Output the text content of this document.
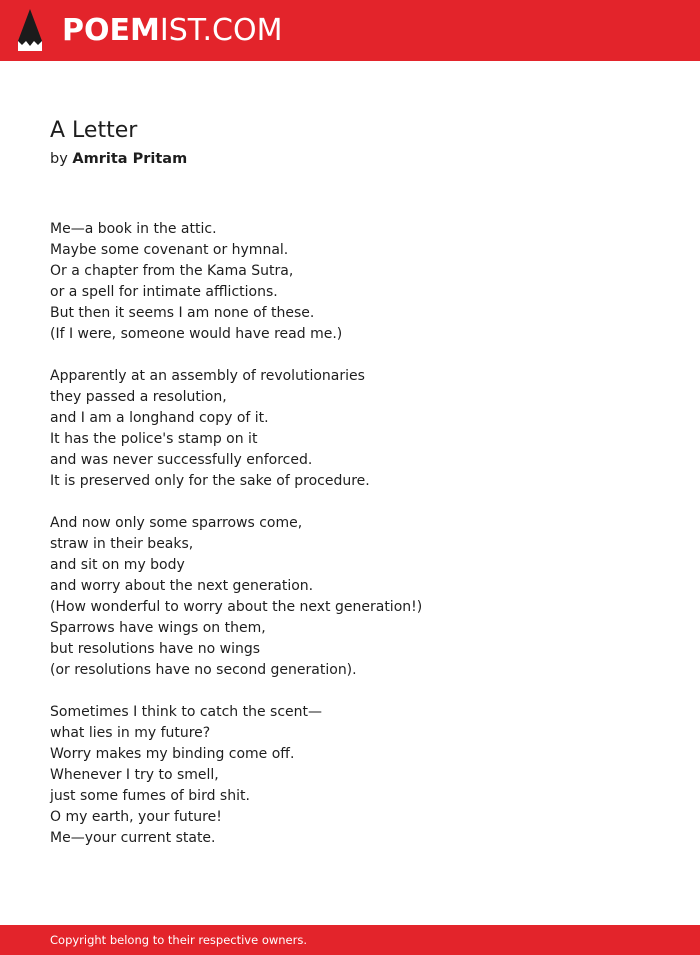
POEMIST.COM
A Letter
by Amrita Pritam
Me—a book in the attic.
Maybe some covenant or hymnal.
Or a chapter from the Kama Sutra,
or a spell for intimate afflictions.
But then it seems I am none of these.
(If I were, someone would have read me.)
Apparently at an assembly of revolutionaries
they passed a resolution,
and I am a longhand copy of it.
It has the police's stamp on it
and was never successfully enforced.
It is preserved only for the sake of procedure.
And now only some sparrows come,
straw in their beaks,
and sit on my body
and worry about the next generation.
(How wonderful to worry about the next generation!)
Sparrows have wings on them,
but resolutions have no wings
(or resolutions have no second generation).
Sometimes I think to catch the scent—
what lies in my future?
Worry makes my binding come off.
Whenever I try to smell,
just some fumes of bird shit.
O my earth, your future!
Me—your current state.
Copyright belong to their respective owners.
